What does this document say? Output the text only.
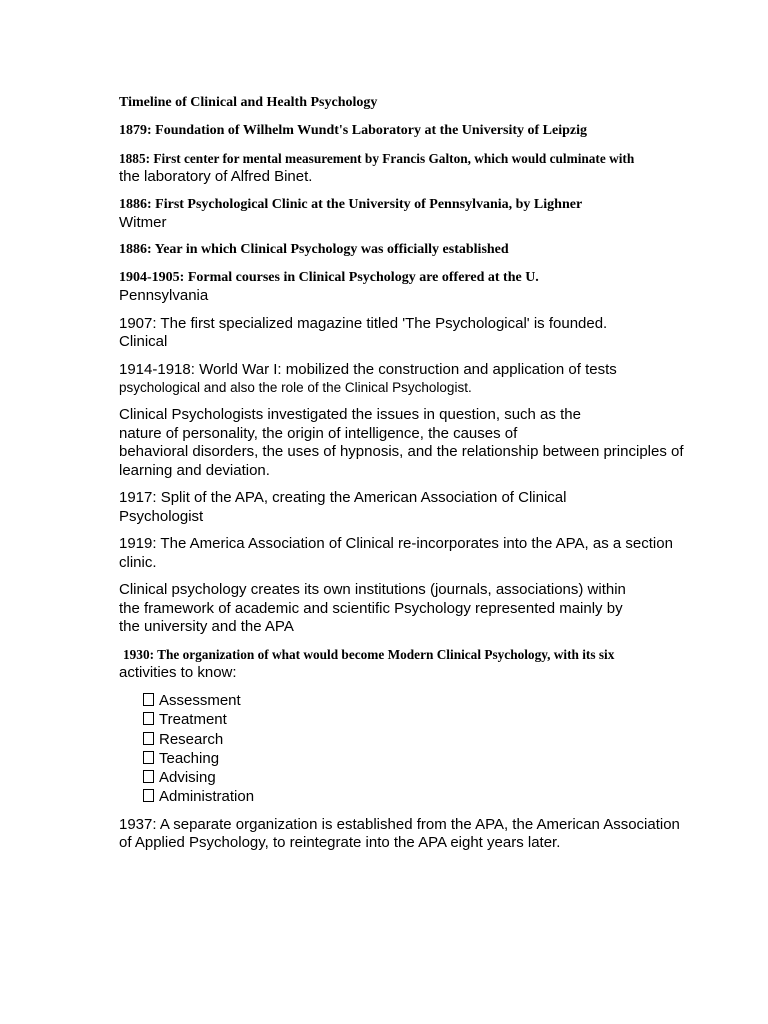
Timeline of Clinical and Health Psychology
1879: Foundation of Wilhelm Wundt's Laboratory at the University of Leipzig
1885: First center for mental measurement by Francis Galton, which would culminate with
the laboratory of Alfred Binet.
1886: First Psychological Clinic at the University of Pennsylvania, by Lighner
Witmer
1886: Year in which Clinical Psychology was officially established
1904-1905: Formal courses in Clinical Psychology are offered at the U.
Pennsylvania
1907: The first specialized magazine titled 'The Psychological' is founded.
Clinical
1914-1918: World War I: mobilized the construction and application of tests
psychological and also the role of the Clinical Psychologist.
Clinical Psychologists investigated the issues in question, such as the
nature of personality, the origin of intelligence, the causes of
behavioral disorders, the uses of hypnosis, and the relationship between principles of
learning and deviation.
1917: Split of the APA, creating the American Association of Clinical
Psychologist
1919: The America Association of Clinical re-incorporates into the APA, as a section
clinic.
Clinical psychology creates its own institutions (journals, associations) within
the framework of academic and scientific Psychology represented mainly by
the university and the APA
1930: The organization of what would become Modern Clinical Psychology, with its six
activities to know:
Assessment
Treatment
Research
Teaching
Advising
Administration
1937: A separate organization is established from the APA, the American Association
of Applied Psychology, to reintegrate into the APA eight years later.
